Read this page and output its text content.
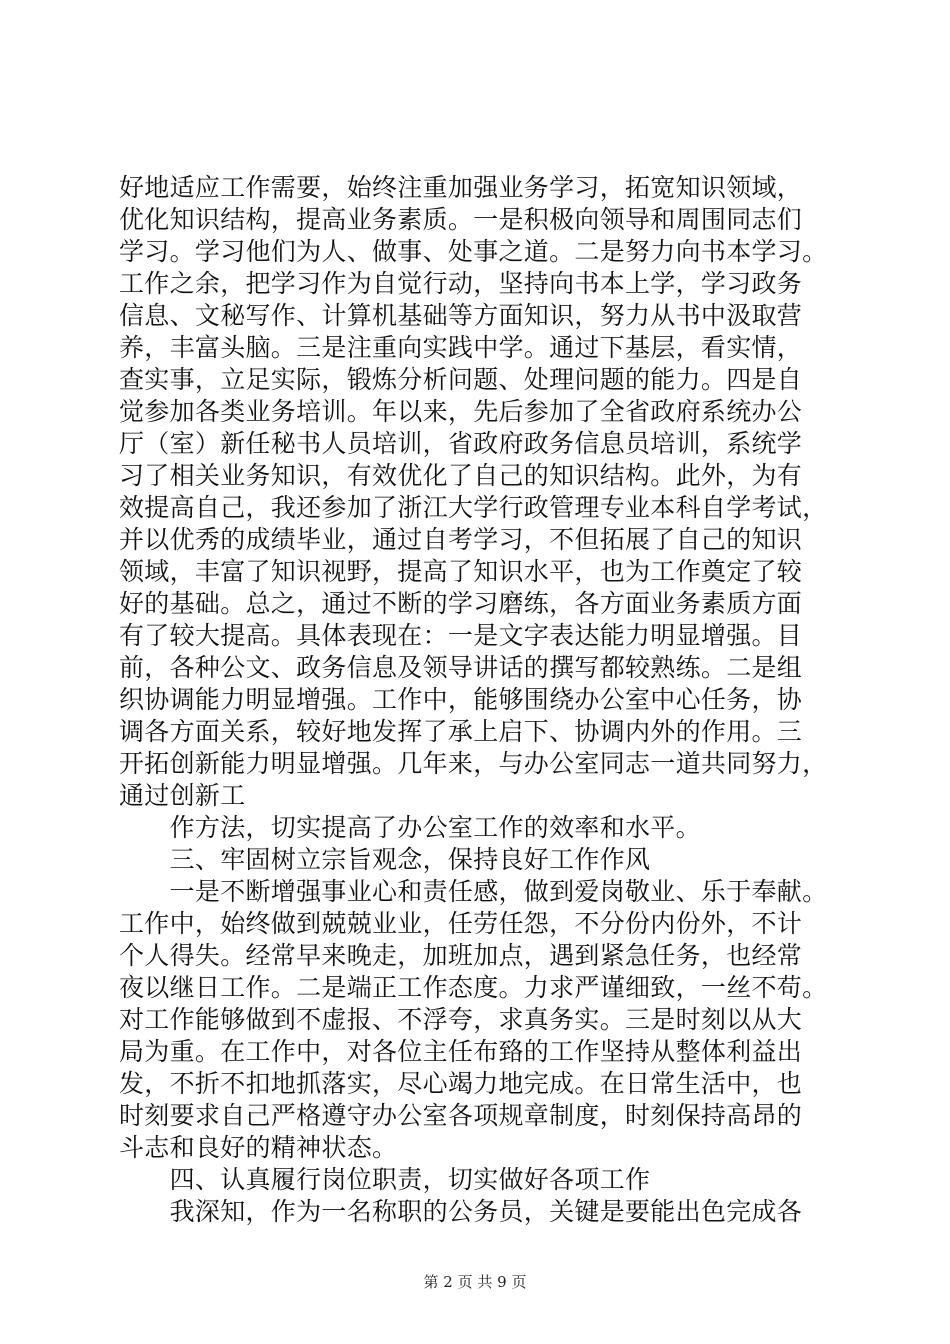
好地适应工作需要，始终注重加强业务学习，拓宽知识领域，
优化知识结构，提高业务素质。一是积极向领导和周围同志们
学习。学习他们为人、做事、处事之道。二是努力向书本学习。
工作之余，把学习作为自觉行动，坚持向书本上学，学习政务
信息、文秘写作、计算机基础等方面知识，努力从书中汲取营
养，丰富头脑。三是注重向实践中学。通过下基层，看实情，
查实事，立足实际，锻炼分析问题、处理问题的能力。四是自
觉参加各类业务培训。年以来，先后参加了全省政府系统办公
厅（室）新任秘书人员培训，省政府政务信息员培训，系统学
习了相关业务知识，有效优化了自己的知识结构。此外，为有
效提高自己，我还参加了浙江大学行政管理专业本科自学考试，
并以优秀的成绩毕业，通过自考学习，不但拓展了自己的知识
领域，丰富了知识视野，提高了知识水平，也为工作奠定了较
好的基础。总之，通过不断的学习磨练，各方面业务素质方面
有了较大提高。具体表现在：一是文字表达能力明显增强。目
前，各种公文、政务信息及领导讲话的撰写都较熟练。二是组
织协调能力明显增强。工作中，能够围绕办公室中心任务，协
调各方面关系，较好地发挥了承上启下、协调内外的作用。三
开拓创新能力明显增强。几年来，与办公室同志一道共同努力，
通过创新工
　　作方法，切实提高了办公室工作的效率和水平。
　　三、牢固树立宗旨观念，保持良好工作作风
　　一是不断增强事业心和责任感，做到爱岗敬业、乐于奉献。
工作中，始终做到兢兢业业，任劳任怨，不分份内份外，不计
个人得失。经常早来晚走，加班加点，遇到紧急任务，也经常
夜以继日工作。二是端正工作态度。力求严谨细致，一丝不苟。
对工作能够做到不虚报、不浮夸，求真务实。三是时刻以从大
局为重。在工作中，对各位主任布臵的工作坚持从整体利益出
发，不折不扣地抓落实，尽心竭力地完成。在日常生活中，也
时刻要求自己严格遵守办公室各项规章制度，时刻保持高昂的
斗志和良好的精神状态。
　　四、认真履行岗位职责，切实做好各项工作
　　我深知，作为一名称职的公务员，关键是要能出色完成各
第 2 页 共 9 页
